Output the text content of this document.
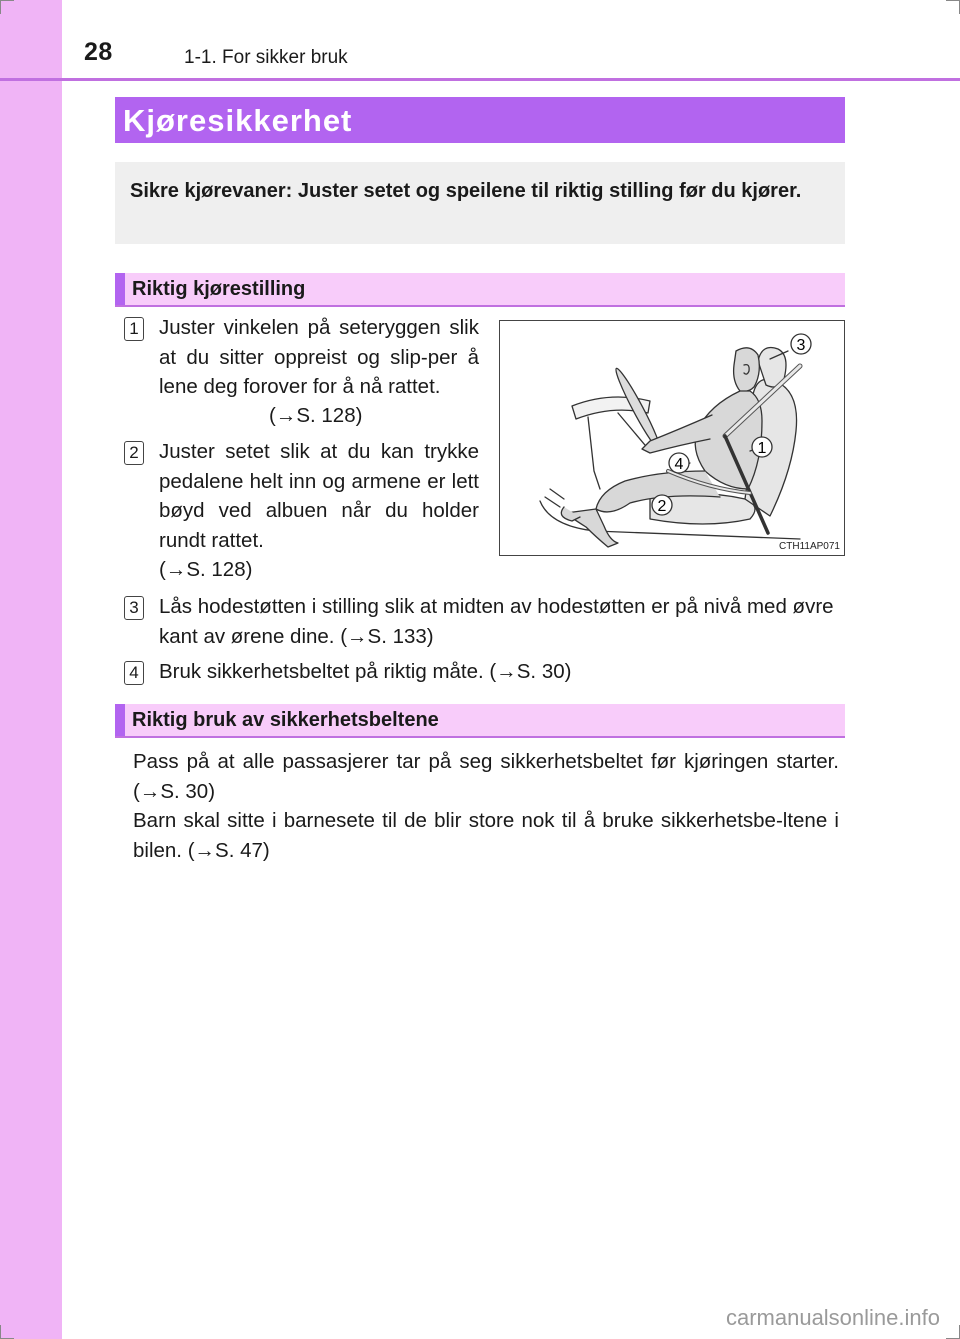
28	1-1. For sikker bruk
Kjøresikkerhet
Sikre kjørevaner: Juster setet og speilene til riktig stilling før du kjører.
Riktig kjørestilling
1 Juster vinkelen på seteryggen slik at du sitter oppreist og slip-per å lene deg forover for å nå rattet.
(→S. 128)
2 Juster setet slik at du kan trykke pedalene helt inn og armene er lett bøyd ved albuen når du holder rundt rattet.
(→S. 128)
3
1
4
2
CTH11AP071
3 Lås hodestøtten i stilling slik at midten av hodestøtten er på nivå med øvre kant av ørene dine. (→S. 133)
4 Bruk sikkerhetsbeltet på riktig måte. (→S. 30)
Riktig bruk av sikkerhetsbeltene

Pass på at alle passasjerer tar på seg sikkerhetsbeltet før kjøringen starter. (→S. 30)

Barn skal sitte i barnesete til de blir store nok til å bruke sikkerhetsbe-ltene i bilen. (→S. 47)

carmanualsonline.info
